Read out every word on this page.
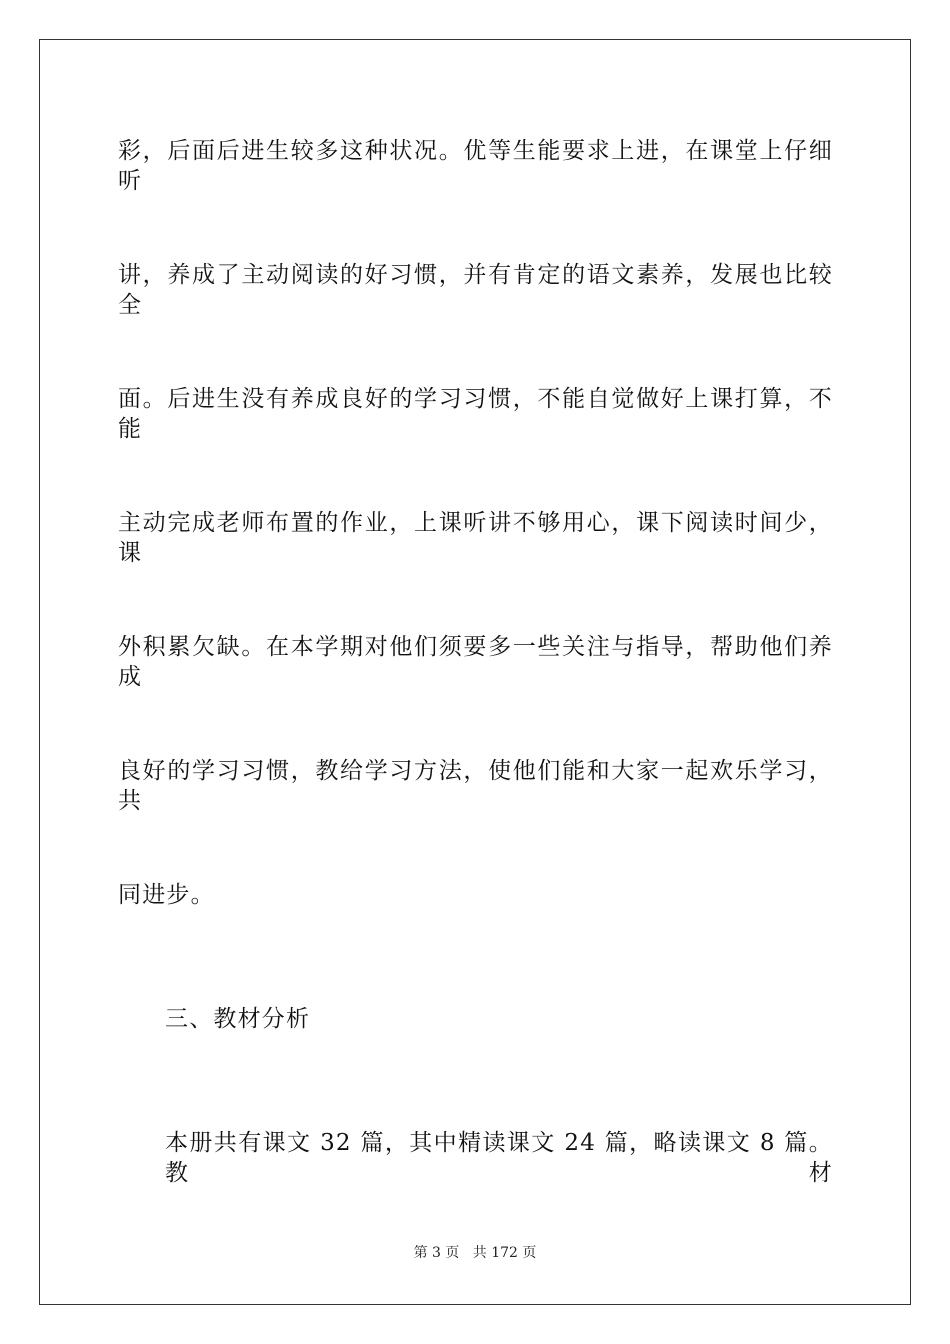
彩，后面后进生较多这种状况。优等生能要求上进，在课堂上仔细听
讲，养成了主动阅读的好习惯，并有肯定的语文素养，发展也比较全
面。后进生没有养成良好的学习习惯，不能自觉做好上课打算，不能
主动完成老师布置的作业，上课听讲不够用心，课下阅读时间少，课
外积累欠缺。在本学期对他们须要多一些关注与指导，帮助他们养成
良好的学习习惯，教给学习方法，使他们能和大家一起欢乐学习，共
同进步。
三、教材分析
本册共有课文 32 篇，其中精读课文 24 篇，略读课文 8 篇。教材
第 3 页   共 172 页
